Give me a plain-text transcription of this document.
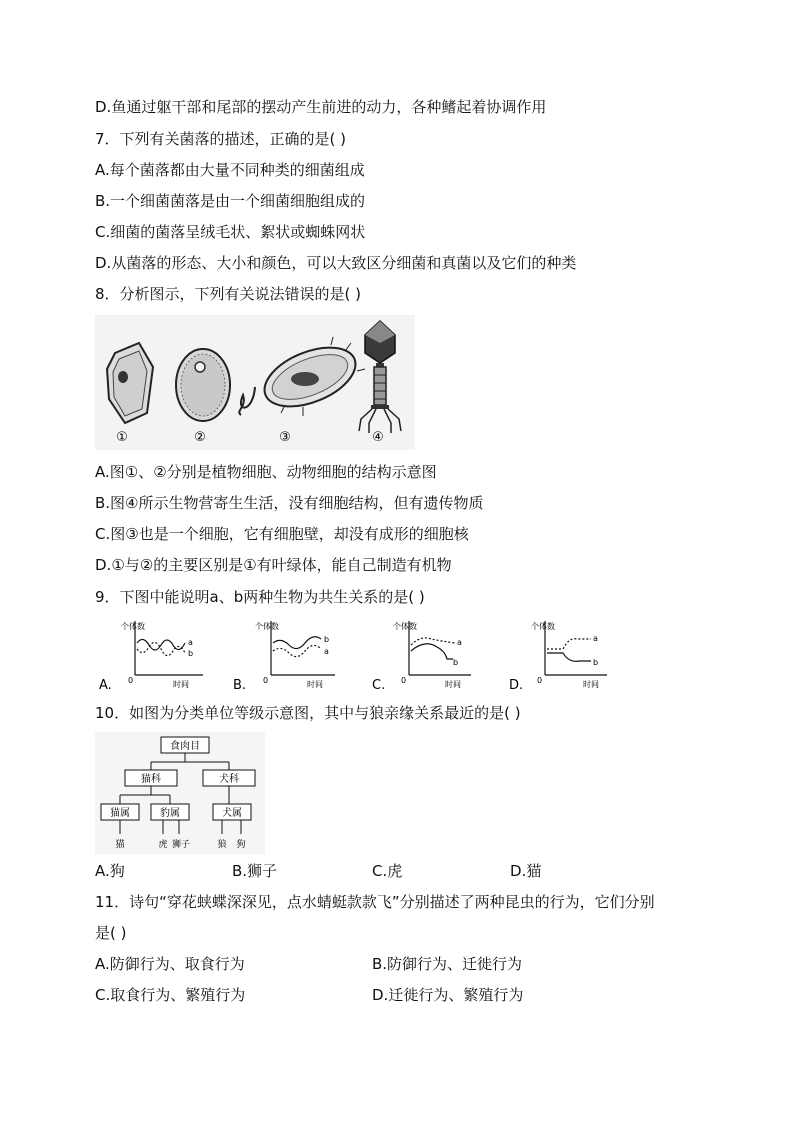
D.鱼通过躯干部和尾部的摆动产生前进的动力，各种鳍起着协调作用
7．下列有关菌落的描述，正确的是( )
A.每个菌落都由大量不同种类的细菌组成
B.一个细菌菌落是由一个细菌细胞组成的
C.细菌的菌落呈绒毛状、絮状或蜘蛛网状
D.从菌落的形态、大小和颜色，可以大致区分细菌和真菌以及它们的种类
8．分析图示，下列有关说法错误的是( )
①	②	③	④
A.图①、②分别是植物细胞、动物细胞的结构示意图
B.图④所示生物营寄生生活，没有细胞结构，但有遗传物质
C.图③也是一个细胞，它有细胞壁，却没有成形的细胞核
D.①与②的主要区别是①有叶绿体，能自己制造有机物
9．下图中能说明a、b两种生物为共生关系的是( )
A.
个体数
时间
0
a
b
B.
个体数
时间
0
b
a
C.
个体数
时间
0
a
b
D.
个体数
时间
0
a
b
10．如图为分类单位等级示意图，其中与狼亲缘关系最近的是( )
食肉目
猫科	犬科
猫属	豹属	犬属
猫	虎 狮子	狼 狗
A.狗	B.狮子	C.虎	D.猫
11．诗句“穿花蛱蝶深深见，点水蜻蜓款款飞”分别描述了两种昆虫的行为，它们分别
是( )
A.防御行为、取食行为	B.防御行为、迁徙行为
C.取食行为、繁殖行为	D.迁徙行为、繁殖行为
